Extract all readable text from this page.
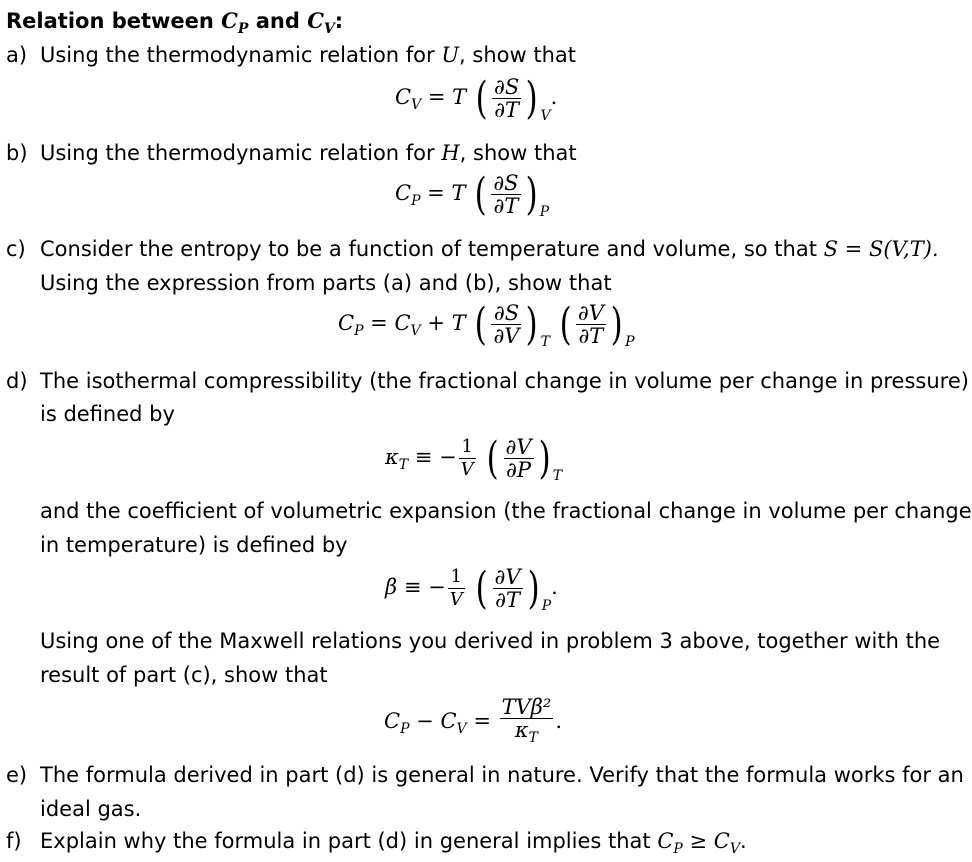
Relation between $C_P$ and $C_V$:
a) Using the thermodynamic relation for U, show that
$C_V = T$ ( $\frac{\partial S}{\partial T}$ ) $_V$.
b) Using the thermodynamic relation for H, show that
$C_P = T$ ( $\frac{\partial S}{\partial T}$ ) $_P$
c) Consider the entropy to be a function of temperature and volume, so that S = S(V,T).
Using the expression from parts (a) and (b), show that
$C_P = C_V + T$ ( $\frac{\partial S}{\partial V}$ ) $_T$ ( $\frac{\partial V}{\partial T}$ ) $_P$
d) The isothermal compressibility (the fractional change in volume per change in pressure)
is defined by
$\kappa_T$ ≡ − $\frac{1}{V}$ ( $\frac{\partial V}{\partial P}$ ) $_T$
and the coefficient of volumetric expansion (the fractional change in volume per change
in temperature) is defined by
β ≡ − $\frac{1}{V}$ ( $\frac{\partial V}{\partial T}$ ) $_P$.
Using one of the Maxwell relations you derived in problem 3 above, together with the
result of part (c), show that
$C_P - C_V = \frac{\text{TVβ²}}{\kappa_T}$ .
e) The formula derived in part (d) is general in nature. Verify that the formula works for an
ideal gas.
f) Explain why the formula in part (d) in general implies that $C_P \ge C_V$.
